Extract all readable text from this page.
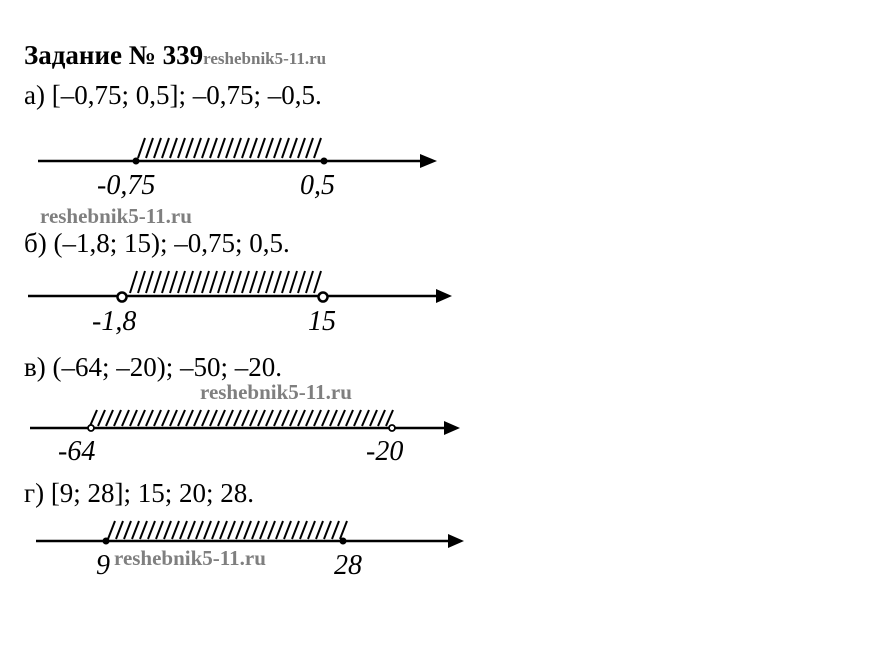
Задание № 339reshebnik5-11.ru
а) [–0,75; 0,5]; –0,75; –0,5.
-0,75	0,5
reshebnik5-11.ru
б) (–1,8; 15); –0,75; 0,5.
-1,8	15
в) (–64; –20); –50; –20.
reshebnik5-11.ru
-64	-20
г) [9; 28]; 15; 20; 28.
9 reshebnik5-11.ru 28
